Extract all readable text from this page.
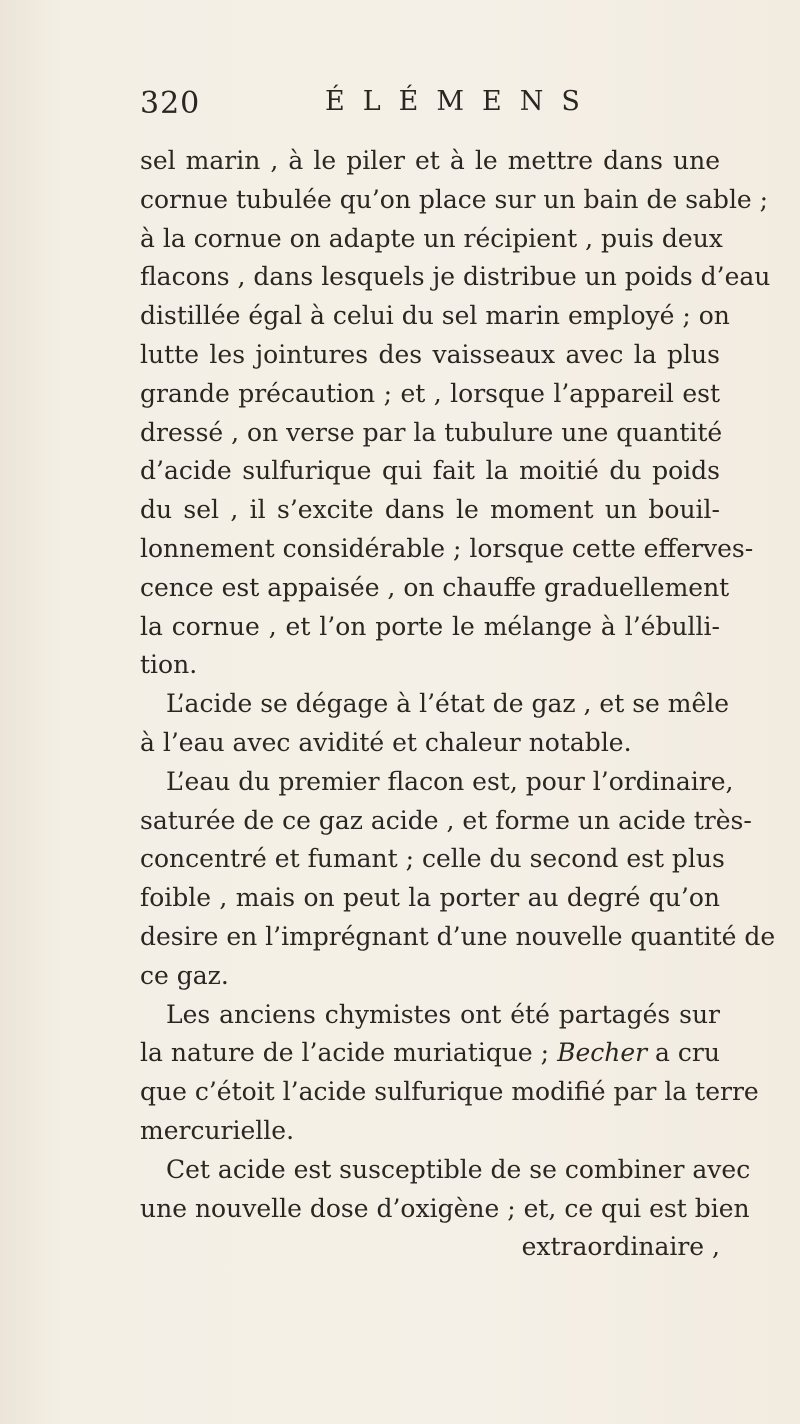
320	ÉLÉMENS

sel marin , à le piler et à le mettre dans une
cornue tubulée qu’on place sur un bain de sable ;
à la cornue on adapte un récipient , puis deux
flacons , dans lesquels je distribue un poids d’eau
distillée égal à celui du sel marin employé ; on
lutte les jointures des vaisseaux avec la plus
grande précaution ; et , lorsque l’appareil est
dressé , on verse par la tubulure une quantité
d’acide sulfurique qui fait la moitié du poids
du sel , il s’excite dans le moment un bouil-
lonnement considérable ; lorsque cette efferves-
cence est appaisée , on chauffe graduellement
la cornue , et l’on porte le mélange à l’ébulli-
tion.

L’acide se dégage à l’état de gaz , et se mêle
à l’eau avec avidité et chaleur notable.

L’eau du premier flacon est, pour l’ordinaire,
saturée de ce gaz acide , et forme un acide très-
concentré et fumant ; celle du second est plus
foible , mais on peut la porter au degré qu’on
desire en l’imprégnant d’une nouvelle quantité de
ce gaz.

Les anciens chymistes ont été partagés sur
la nature de l’acide muriatique ; Becher a cru
que c’étoit l’acide sulfurique modifié par la terre
mercurielle.

Cet acide est susceptible de se combiner avec
une nouvelle dose d’oxigène ; et, ce qui est bien
extraordinaire ,
